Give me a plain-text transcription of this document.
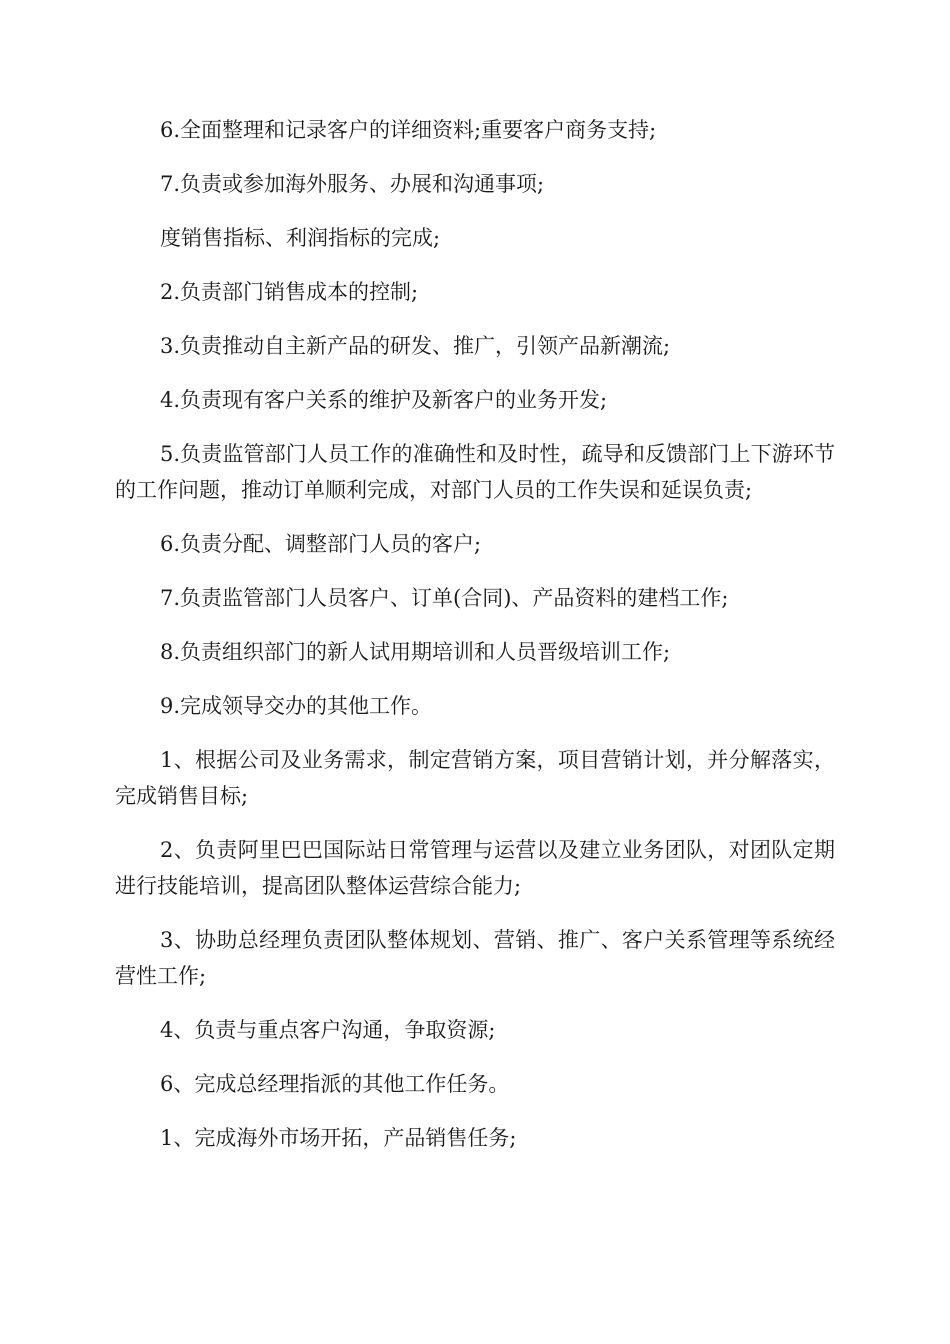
6.全面整理和记录客户的详细资料;重要客户商务支持;

7.负责或参加海外服务、办展和沟通事项;

度销售指标、利润指标的完成;

2.负责部门销售成本的控制;

3.负责推动自主新产品的研发、推广，引领产品新潮流;

4.负责现有客户关系的维护及新客户的业务开发;

5.负责监管部门人员工作的准确性和及时性，疏导和反馈部门上下游环节的工作问题，推动订单顺利完成，对部门人员的工作失误和延误负责;

6.负责分配、调整部门人员的客户;

7.负责监管部门人员客户、订单(合同)、产品资料的建档工作;

8.负责组织部门的新人试用期培训和人员晋级培训工作;

9.完成领导交办的其他工作。

1、根据公司及业务需求，制定营销方案，项目营销计划，并分解落实，完成销售目标;

2、负责阿里巴巴国际站日常管理与运营以及建立业务团队，对团队定期进行技能培训，提高团队整体运营综合能力;

3、协助总经理负责团队整体规划、营销、推广、客户关系管理等系统经营性工作;

4、负责与重点客户沟通，争取资源;

6、完成总经理指派的其他工作任务。

1、完成海外市场开拓，产品销售任务;
